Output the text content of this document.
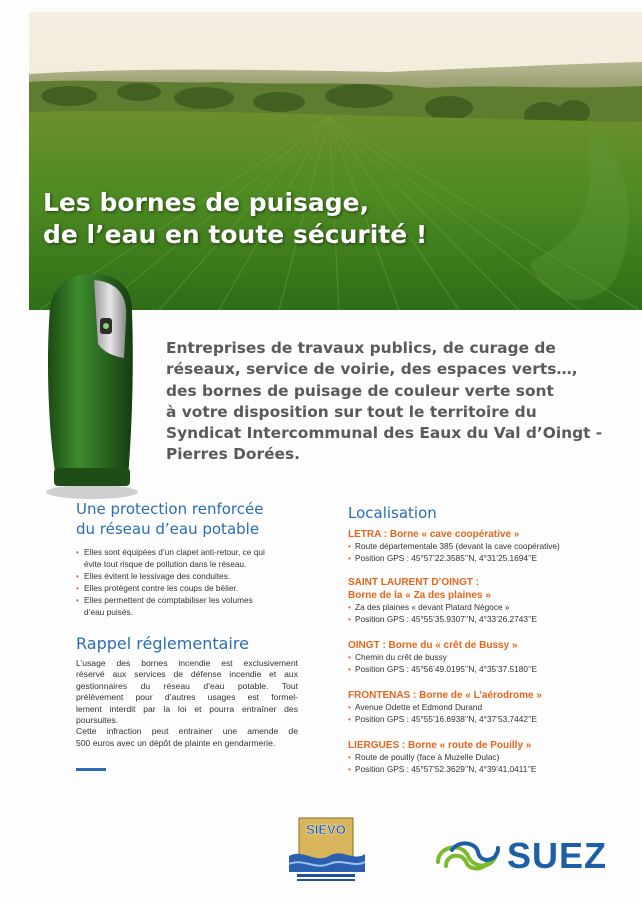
Les bornes de puisage,
de l’eau en toute sécurité !

Entreprises de travaux publics, de curage de
réseaux, service de voirie, des espaces verts…,
des bornes de puisage de couleur verte sont
à votre disposition sur tout le territoire du
Syndicat Intercommunal des Eaux du Val d’Oingt -
Pierres Dorées.

Une protection renforcée
du réseau d’eau potable
• Elles sont équipées d’un clapet anti-retour, ce qui
évite tout risque de pollution dans le réseau.
• Elles évitent le lessivage des conduites.
• Elles protègent contre les coups de bélier.
• Elles permettent de comptabiliser les volumes
d’eau puisés.
Rappel réglementaire

L’usage des bornes incendie est exclusivement
réservé aux services de défense incendie et aux
gestionnaires du réseau d’eau potable. Tout
prélèvement pour d’autres usages est formel-
lement interdit par la loi et pourra entraîner des
poursuites.
Cette infraction peut entrainer une amende de
500 euros avec un dépôt de plainte en gendarmerie.

Localisation

LETRA : Borne « cave coopérative »

• Route départementale 385 (devant la cave coopérative)
• Position GPS : 45°57’22.3585’’N, 4°31’25.1694’’E

SAINT LAURENT D’OINGT :
Borne de la « Za des plaines »

• Za des plaines « devant Platard Négoce »
• Position GPS : 45°55’35.9307’’N, 4°33’26.2743’’E

OINGT : Borne du « crêt de Bussy »

• Chemin du crêt de bussy
• Position GPS : 45°56’49.0195’’N, 4°35’37.5180’’E

FRONTENAS : Borne de « L’aérodrome »

• Avenue Odette et Edmond Durand
• Position GPS : 45°55’16.6938’’N, 4°37’53.7442’’E

LIERGUES : Borne « route de Pouilly »

• Route de pouilly (face à Muzelle Dulac)
• Position GPS : 45°57’52.3629’’N, 4°39’41.0411’’E
SIEVO
SUEZ
